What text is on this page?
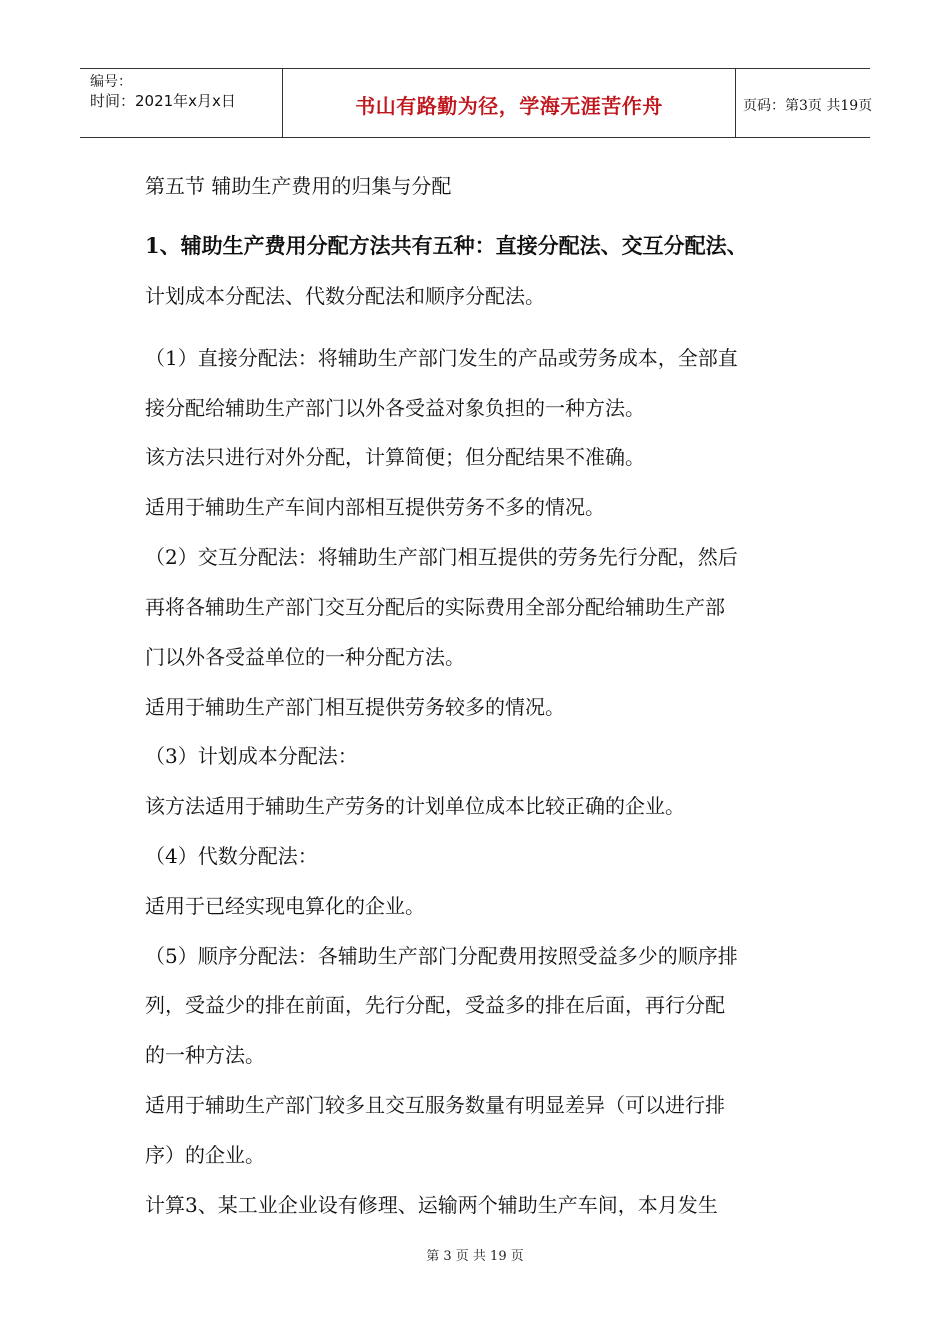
编号：
时间：2021年x月x日	书山有路勤为径，学海无涯苦作舟	页码：第3页 共19页
第五节 辅助生产费用的归集与分配
1、辅助生产费用分配方法共有五种：直接分配法、交互分配法、
计划成本分配法、代数分配法和顺序分配法。
（1）直接分配法：将辅助生产部门发生的产品或劳务成本，全部直
接分配给辅助生产部门以外各受益对象负担的一种方法。
该方法只进行对外分配，计算简便；但分配结果不准确。
适用于辅助生产车间内部相互提供劳务不多的情况。
（2）交互分配法：将辅助生产部门相互提供的劳务先行分配，然后
再将各辅助生产部门交互分配后的实际费用全部分配给辅助生产部
门以外各受益单位的一种分配方法。
适用于辅助生产部门相互提供劳务较多的情况。
（3）计划成本分配法：
该方法适用于辅助生产劳务的计划单位成本比较正确的企业。
（4）代数分配法：
适用于已经实现电算化的企业。
（5）顺序分配法：各辅助生产部门分配费用按照受益多少的顺序排
列，受益少的排在前面，先行分配，受益多的排在后面，再行分配
的一种方法。
适用于辅助生产部门较多且交互服务数量有明显差异（可以进行排
序）的企业。
计算3、某工业企业设有修理、运输两个辅助生产车间，本月发生
第 3 页 共 19 页
